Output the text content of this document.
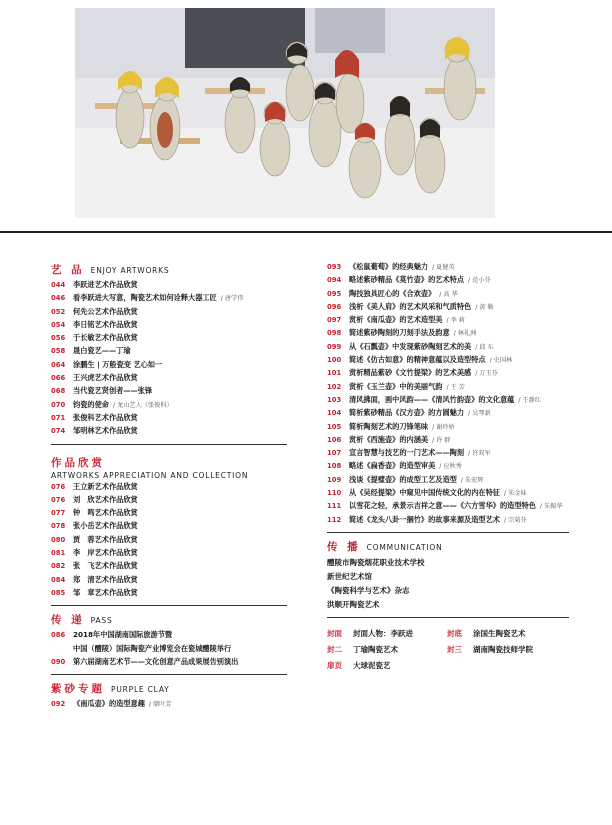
艺 品 ENJOY ARTWORKS
044	李跃进艺术作品欣赏
046	看李跃进大写意，陶瓷艺术如何诠释大器工匠 / 唐学伟
052	何先公艺术作品欣赏
054	李日铭艺术作品欣赏
056	于长敏艺术作品欣赏
058	晟白瓷艺——丁瑜
064	涂鹏生 | 万般瓷变 艺心如一
066	王兴虎艺术作品欣赏
068	当代瓷艺贤创者——张锋
070	钧瓷的使命 / 龙山艺人（张俊科）
071	张俊科艺术作品欣赏
074	邹明林艺术作品欣赏
作品欣赏
ARTWORKS APPRECIATION AND COLLECTION
076	王立新艺术作品欣赏
076	刘　欣艺术作品欣赏
077	钟　鸣艺术作品欣赏
078	张小岳艺术作品欣赏
080	贾　蓉艺术作品欣赏
081	李　岸艺术作品欣赏
082	张　飞艺术作品欣赏
084	郑　清艺术作品欣赏
085	邹　章艺术作品欣赏
传 递 PASS
086	2018年中国湖南国际旅游节暨
中国（醴陵）国际陶瓷产业博览会在瓷城醴陵举行
090	第六届湖南艺术节——文化创意产品成果展告别演出
紫砂专题 PURPLE CLAY
092	《南瓜壶》的造型意趣 / 储叶芳
093	《松鼠葡萄》的经典魅力 / 夏健英
094	略述紫砂精品《莫竹壶》的艺术特点 / 范小芬
095	陶技独具匠心的《合欢壶》 / 高 华
096	浅析《美人肩》的艺术风采和气质特色 / 黄 勤
097	赏析《南瓜壶》的艺术造型美 / 李 莉
098	简述紫砂陶刻的刀刻手法及韵意 / 林礼洲
099	从《石瓢壶》中发现紫砂陶刻艺术的美 / 邱 东
100	简述《仿古如意》的精神意蕴以及造型特点 / 史国林
101	赏析精品紫砂《文竹提梁》的艺术美感 / 万玉芬
102	赏析《玉兰壶》中的美丽气韵 / 王 芳
103	清风拂面，画中风韵——《清风竹韵壶》的文化意蕴 / 王静红
104	简析紫砂精品《汉方壶》的方圆魅力 / 吴琴新
105	简析陶刻艺术的刀锋笔味 / 谢玲娇
106	赏析《西施壶》的内涵美 / 许 群
107	宣言智慧与技艺的一门艺术——陶刻 / 许双军
108	略述《扁香壶》的造型审美 / 应秋秀
109	浅谈《提璧壶》的成型工艺及造型 / 朱宏辉
110	从《吴经提梁》中窥见中国传统文化的内在特征 / 朱金妹
111	以雪花之轻，承景示吉祥之意——《六方雪华》的造型特色 / 朱振华
112	简述《龙头八卦一捆竹》的故事来源及造型艺术 / 宗菊芬
传 播 COMMUNICATION
醴陵市陶瓷烟花职业技术学校
新世纪艺术馆
《陶瓷科学与艺术》杂志
洪顺开陶瓷艺术
封面	封面人物：李跃进	封底	涂国生陶瓷艺术
封二	丁瑜陶瓷艺术	封三	湖南陶瓷技师学院
扉页	大球泥瓷艺
